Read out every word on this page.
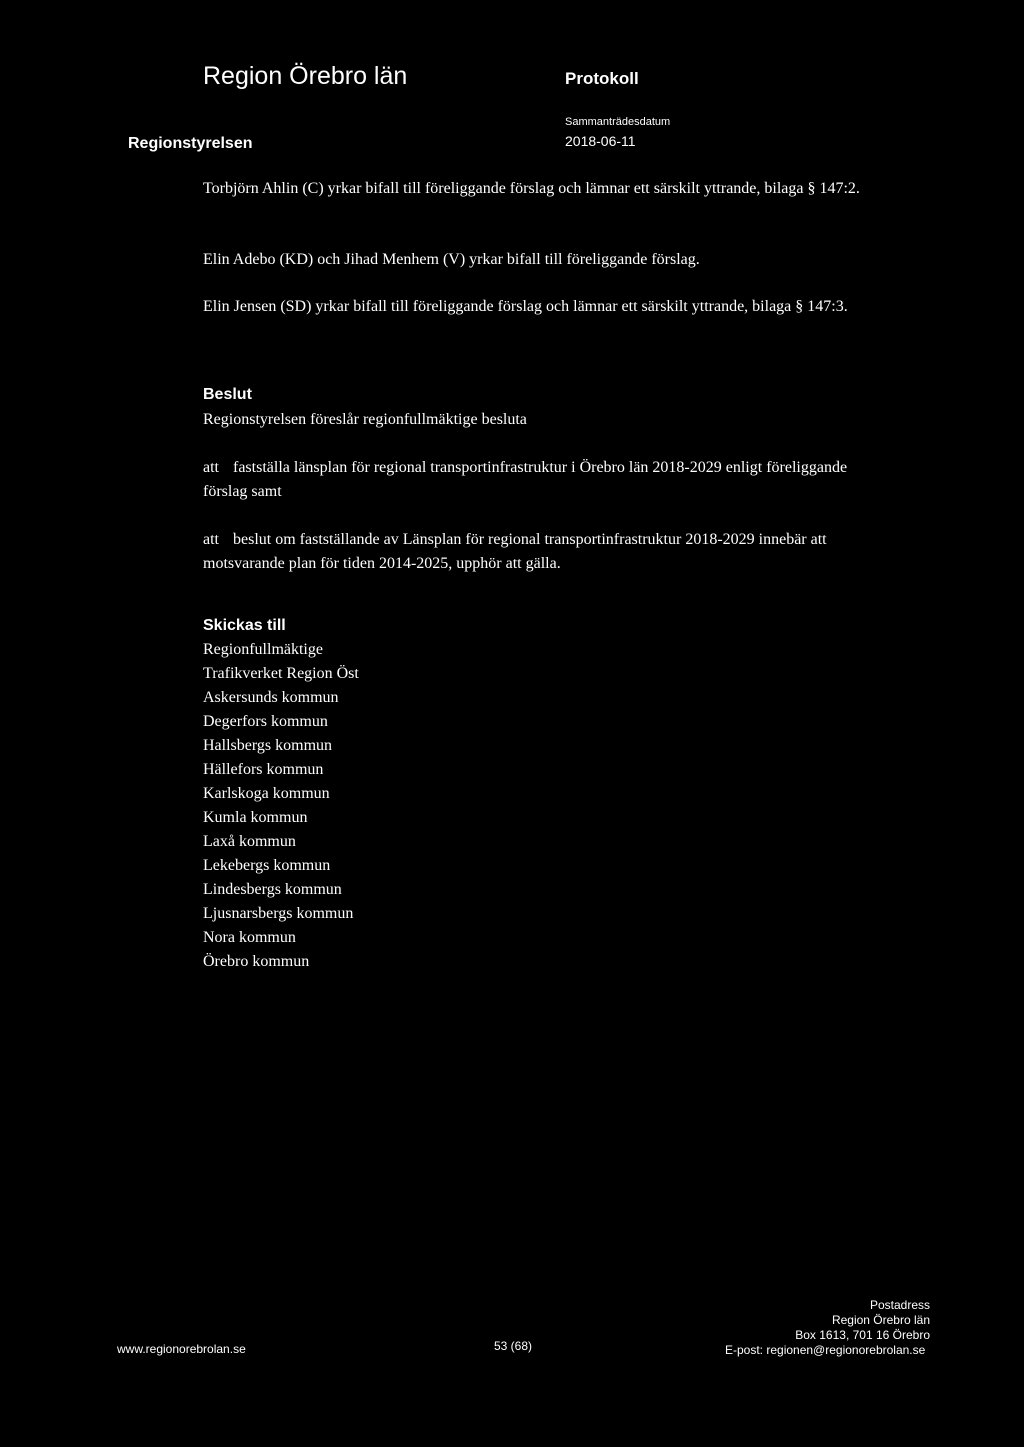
Region Örebro län	Protokoll
Regionstyrelsen
Sammanträdesdatum
2018-06-11

Torbjörn Ahlin (C) yrkar bifall till föreliggande förslag och lämnar ett särskilt yttrande, bilaga § 147:2.

Elin Adebo (KD) och Jihad Menhem (V) yrkar bifall till föreliggande förslag.

Elin Jensen (SD) yrkar bifall till föreliggande förslag och lämnar ett särskilt yttrande, bilaga § 147:3.

Beslut

Regionstyrelsen föreslår regionfullmäktige besluta

att fastställa länsplan för regional transportinfrastruktur i Örebro län 2018-2029 enligt föreliggande förslag samt

att beslut om fastställande av Länsplan för regional transportinfrastruktur 2018-2029 innebär att motsvarande plan för tiden 2014-2025, upphör att gälla.

Skickas till
Regionfullmäktige
Trafikverket Region Öst
Askersunds kommun
Degerfors kommun
Hallsbergs kommun
Hällefors kommun
Karlskoga kommun
Kumla kommun
Laxå kommun
Lekebergs kommun
Lindesbergs kommun
Ljusnarsbergs kommun
Nora kommun
Örebro kommun
www.regionorebrolan.se	53 (68)
Postadress
Region Örebro län
Box 1613, 701 16 Örebro
E-post: regionen@regionorebrolan.se
